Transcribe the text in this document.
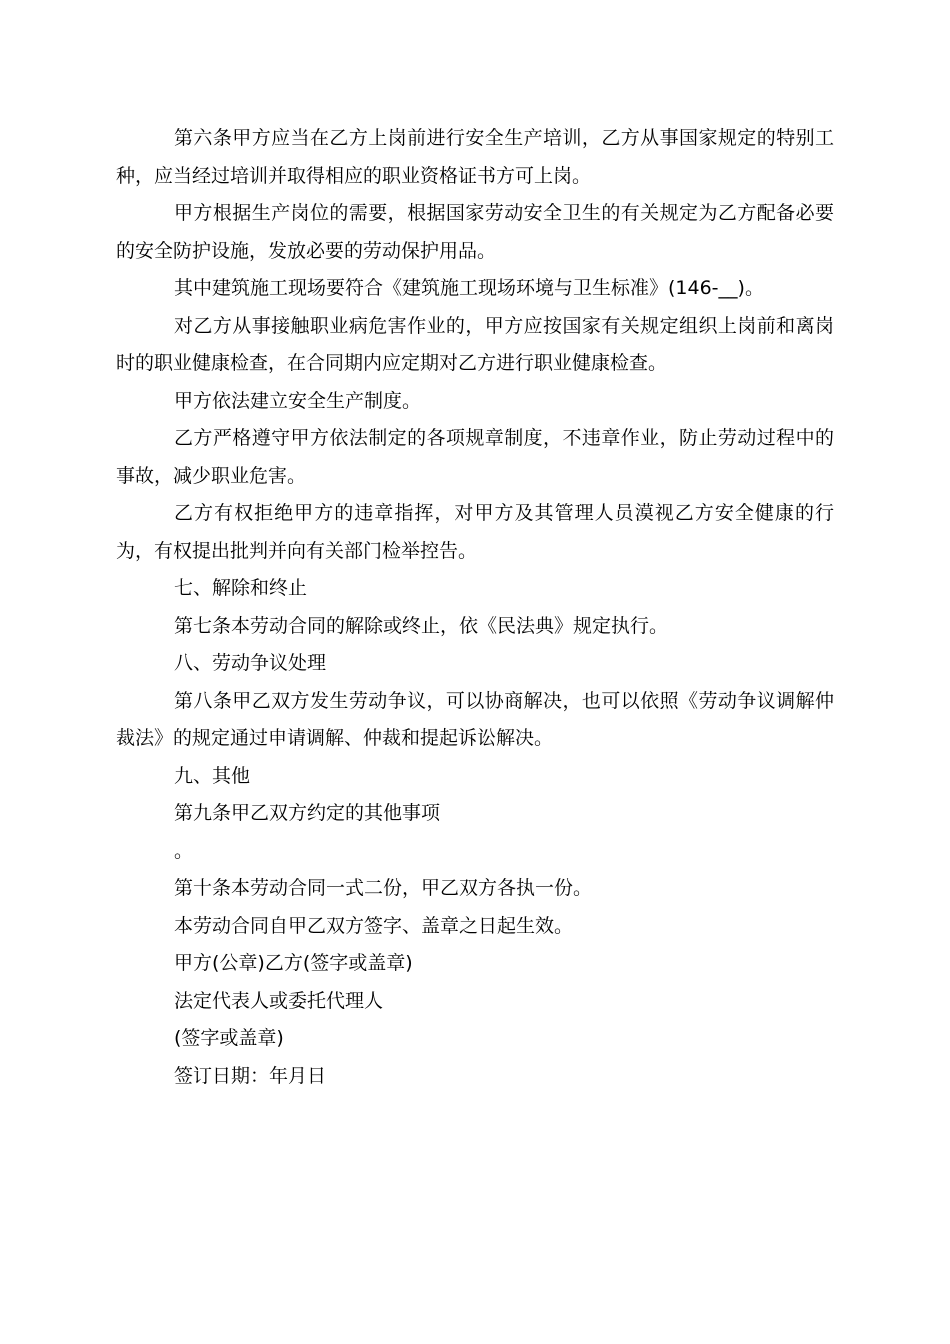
第六条甲方应当在乙方上岗前进行安全生产培训，乙方从事国家规定的特别工种，应当经过培训并取得相应的职业资格证书方可上岗。

甲方根据生产岗位的需要，根据国家劳动安全卫生的有关规定为乙方配备必要的安全防护设施，发放必要的劳动保护用品。

其中建筑施工现场要符合《建筑施工现场环境与卫生标准》(146-__)。

对乙方从事接触职业病危害作业的，甲方应按国家有关规定组织上岗前和离岗时的职业健康检查，在合同期内应定期对乙方进行职业健康检查。

甲方依法建立安全生产制度。

乙方严格遵守甲方依法制定的各项规章制度，不违章作业，防止劳动过程中的事故，减少职业危害。

乙方有权拒绝甲方的违章指挥，对甲方及其管理人员漠视乙方安全健康的行为，有权提出批判并向有关部门检举控告。

七、解除和终止

第七条本劳动合同的解除或终止，依《民法典》规定执行。

八、劳动争议处理

第八条甲乙双方发生劳动争议，可以协商解决，也可以依照《劳动争议调解仲裁法》的规定通过申请调解、仲裁和提起诉讼解决。

九、其他

第九条甲乙双方约定的其他事项

。

第十条本劳动合同一式二份，甲乙双方各执一份。

本劳动合同自甲乙双方签字、盖章之日起生效。

甲方(公章)乙方(签字或盖章)

法定代表人或委托代理人

(签字或盖章)

签订日期：年月日
